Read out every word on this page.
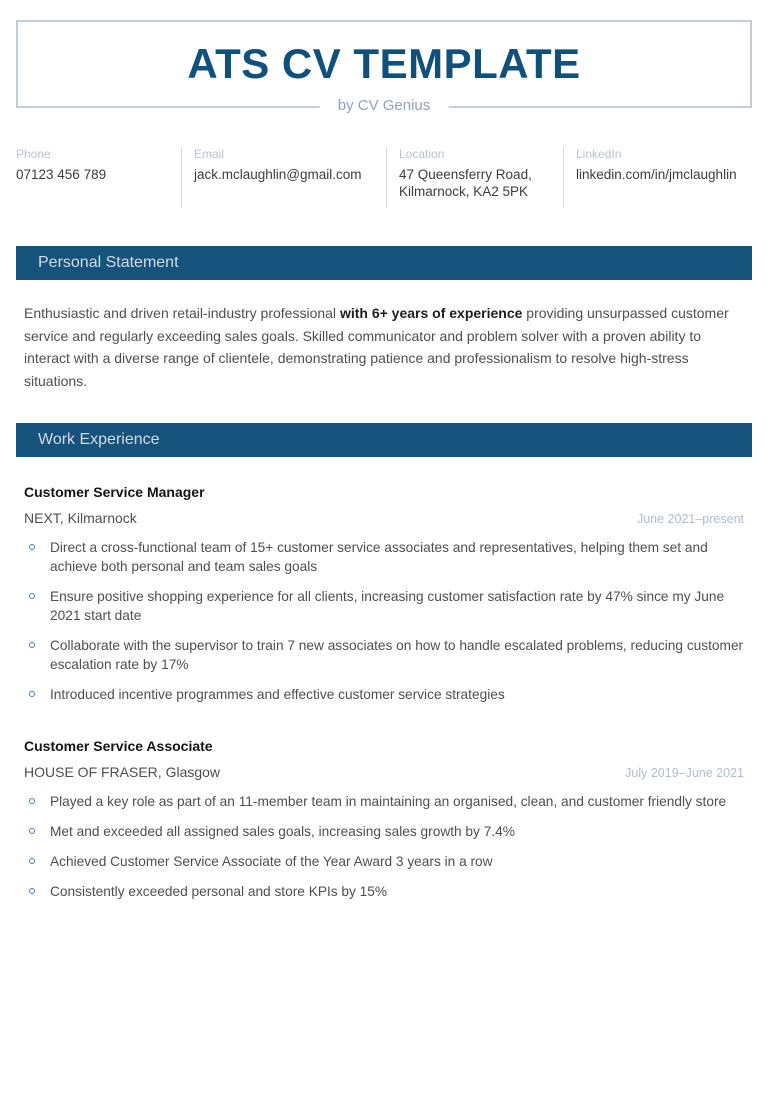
ATS CV TEMPLATE
by CV Genius
Phone
07123 456 789
Email
jack.mclaughlin@gmail.com
Location
47 Queensferry Road, Kilmarnock, KA2 5PK
LinkedIn
linkedin.com/in/jmclaughlin
Personal Statement

Enthusiastic and driven retail-industry professional with 6+ years of experience providing unsurpassed customer service and regularly exceeding sales goals. Skilled communicator and problem solver with a proven ability to interact with a diverse range of clientele, demonstrating patience and professionalism to resolve high-stress situations.

Work Experience
Customer Service Manager
NEXT, Kilmarnock	June 2021–present
Direct a cross-functional team of 15+ customer service associates and representatives, helping them set and achieve both personal and team sales goals
Ensure positive shopping experience for all clients, increasing customer satisfaction rate by 47% since my June 2021 start date
Collaborate with the supervisor to train 7 new associates on how to handle escalated problems, reducing customer escalation rate by 17%
Introduced incentive programmes and effective customer service strategies
Customer Service Associate
HOUSE OF FRASER, Glasgow	July 2019–June 2021
Played a key role as part of an 11-member team in maintaining an organised, clean, and customer friendly store
Met and exceeded all assigned sales goals, increasing sales growth by 7.4%
Achieved Customer Service Associate of the Year Award 3 years in a row
Consistently exceeded personal and store KPIs by 15%
